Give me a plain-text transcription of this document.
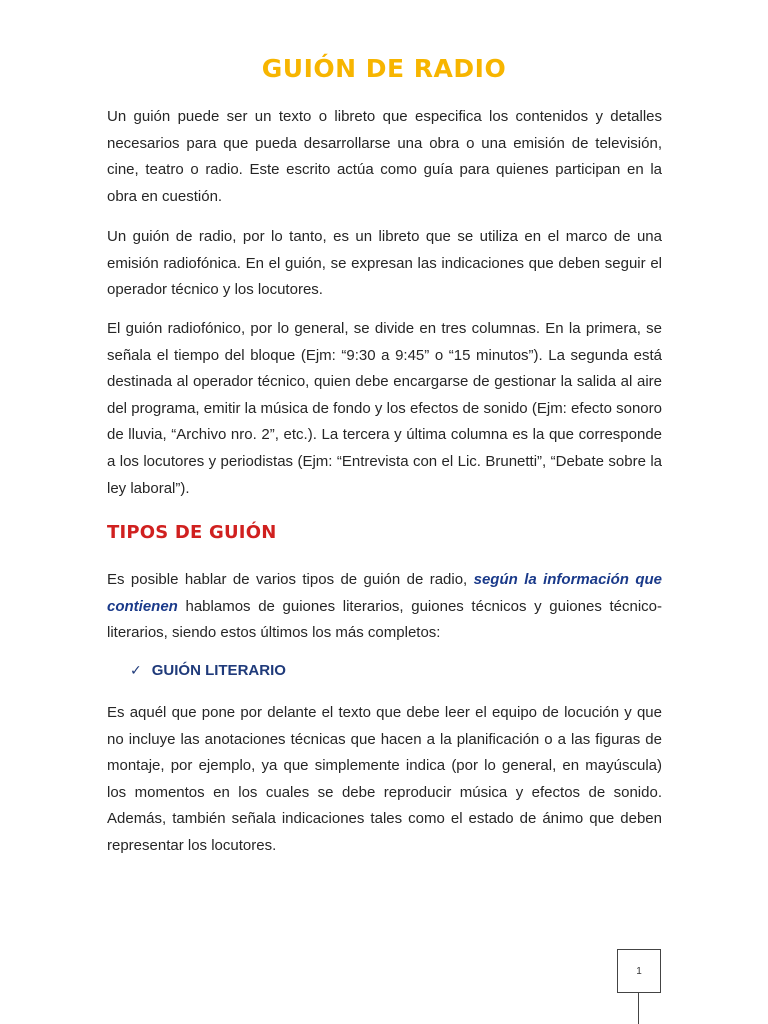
GUIÓN DE RADIO

Un guión puede ser un texto o libreto que especifica los contenidos y detalles necesarios para que pueda desarrollarse una obra o una emisión de televisión, cine, teatro o radio. Este escrito actúa como guía para quienes participan en la obra en cuestión.

Un guión de radio, por lo tanto, es un libreto que se utiliza en el marco de una emisión radiofónica. En el guión, se expresan las indicaciones que deben seguir el operador técnico y los locutores.

El guión radiofónico, por lo general, se divide en tres columnas. En la primera, se señala el tiempo del bloque (Ejm: “9:30 a 9:45” o “15 minutos”). La segunda está destinada al operador técnico, quien debe encargarse de gestionar la salida al aire del programa, emitir la música de fondo y los efectos de sonido (Ejm: efecto sonoro de lluvia, “Archivo nro. 2”, etc.). La tercera y última columna es la que corresponde a los locutores y periodistas (Ejm: “Entrevista con el Lic. Brunetti”, “Debate sobre la ley laboral”).

TIPOS DE GUIÓN

Es posible hablar de varios tipos de guión de radio, según la información que contienen hablamos de guiones literarios, guiones técnicos y guiones técnico-literarios, siendo estos últimos los más completos:

✓ GUIÓN LITERARIO

Es aquél que pone por delante el texto que debe leer el equipo de locución y que no incluye las anotaciones técnicas que hacen a la planificación o a las figuras de montaje, por ejemplo, ya que simplemente indica (por lo general, en mayúscula) los momentos en los cuales se debe reproducir música y efectos de sonido. Además, también señala indicaciones tales como el estado de ánimo que deben representar los locutores.

1
